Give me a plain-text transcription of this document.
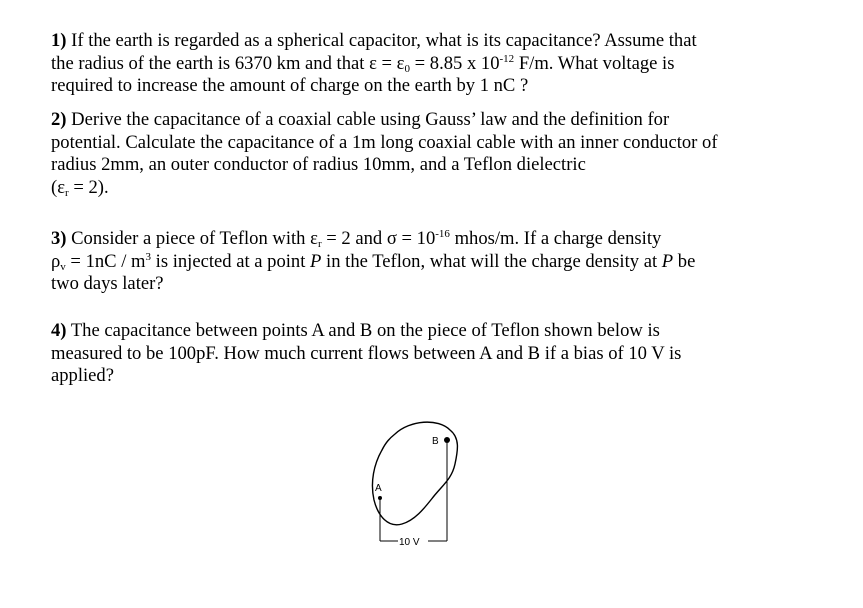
1) If the earth is regarded as a spherical capacitor, what is its capacitance? Assume that
the radius of the earth is 6370 km and that $\varepsilon = \varepsilon_0 = 8.85$ x $10^{-12}$ F/m. What voltage is
required to increase the amount of charge on the earth by 1 nC ?
2) Derive the capacitance of a coaxial cable using Gauss’ law and the definition for
potential. Calculate the capacitance of a 1m long coaxial cable with an inner conductor of
radius 2mm, an outer conductor of radius 10mm, and a Teflon dielectric
$(\varepsilon_r = 2)$.
3) Consider a piece of Teflon with $\varepsilon_r = 2$ and $\sigma = 10^{-16}$ mhos/m. If a charge density
$\rho_v = 1nC / m^3$ is injected at a point P in the Teflon, what will the charge density at P be
two days later?
4) The capacitance between points A and B on the piece of Teflon shown below is
measured to be 100pF. How much current flows between A and B if a bias of 10 V is
applied?
B
A
10 V
